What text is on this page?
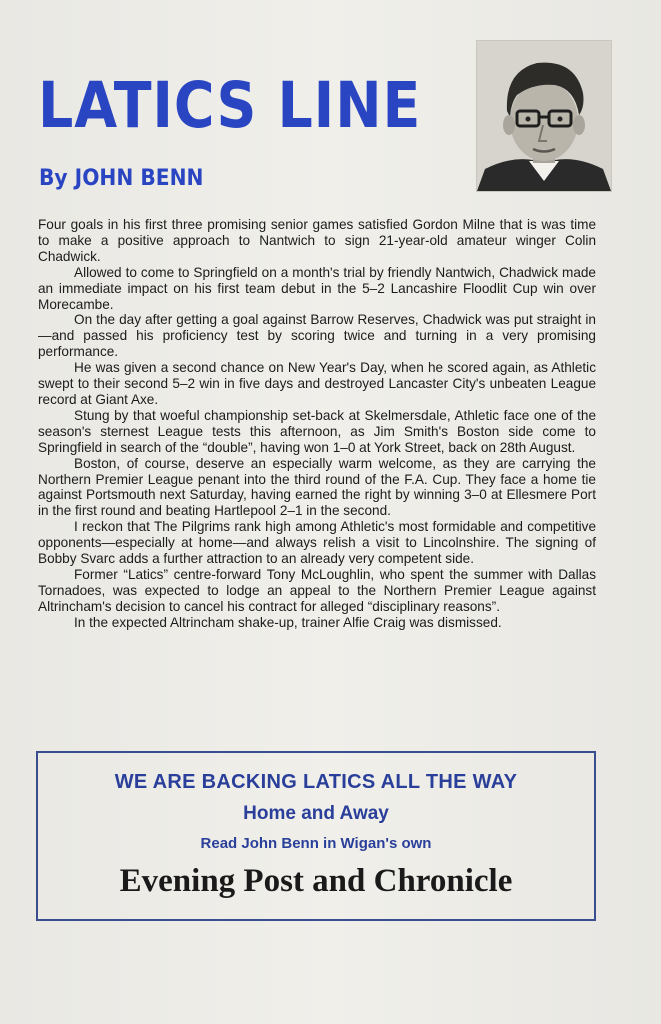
LATICS LINE
By JOHN BENN

Four goals in his first three promising senior games satisfied Gordon Milne that is was time to make a positive approach to Nantwich to sign 21-year-old amateur winger Colin Chadwick.

Allowed to come to Springfield on a month's trial by friendly Nantwich, Chadwick made an immediate impact on his first team debut in the 5–2 Lancashire Floodlit Cup win over Morecambe.

On the day after getting a goal against Barrow Reserves, Chadwick was put straight in—and passed his proficiency test by scoring twice and turning in a very promising performance.

He was given a second chance on New Year's Day, when he scored again, as Athletic swept to their second 5–2 win in five days and destroyed Lancaster City's unbeaten League record at Giant Axe.

Stung by that woeful championship set-back at Skelmersdale, Athletic face one of the season's sternest League tests this afternoon, as Jim Smith's Boston side come to Springfield in search of the “double”, having won 1–0 at York Street, back on 28th August.

Boston, of course, deserve an especially warm welcome, as they are carrying the Northern Premier League penant into the third round of the F.A. Cup. They face a home tie against Portsmouth next Saturday, having earned the right by winning 3–0 at Ellesmere Port in the first round and beating Hartlepool 2–1 in the second.

I reckon that The Pilgrims rank high among Athletic's most formidable and competitive opponents—especially at home—and always relish a visit to Lincolnshire. The signing of Bobby Svarc adds a further attraction to an already very competent side.

Former “Latics” centre-forward Tony McLoughlin, who spent the summer with Dallas Tornadoes, was expected to lodge an appeal to the Northern Premier League against Altrincham's decision to cancel his contract for alleged “disciplinary reasons”.

In the expected Altrincham shake-up, trainer Alfie Craig was dismissed.

WE ARE BACKING LATICS ALL THE WAY

Home and Away

Read John Benn in Wigan's own

Evening Post and Chronicle
